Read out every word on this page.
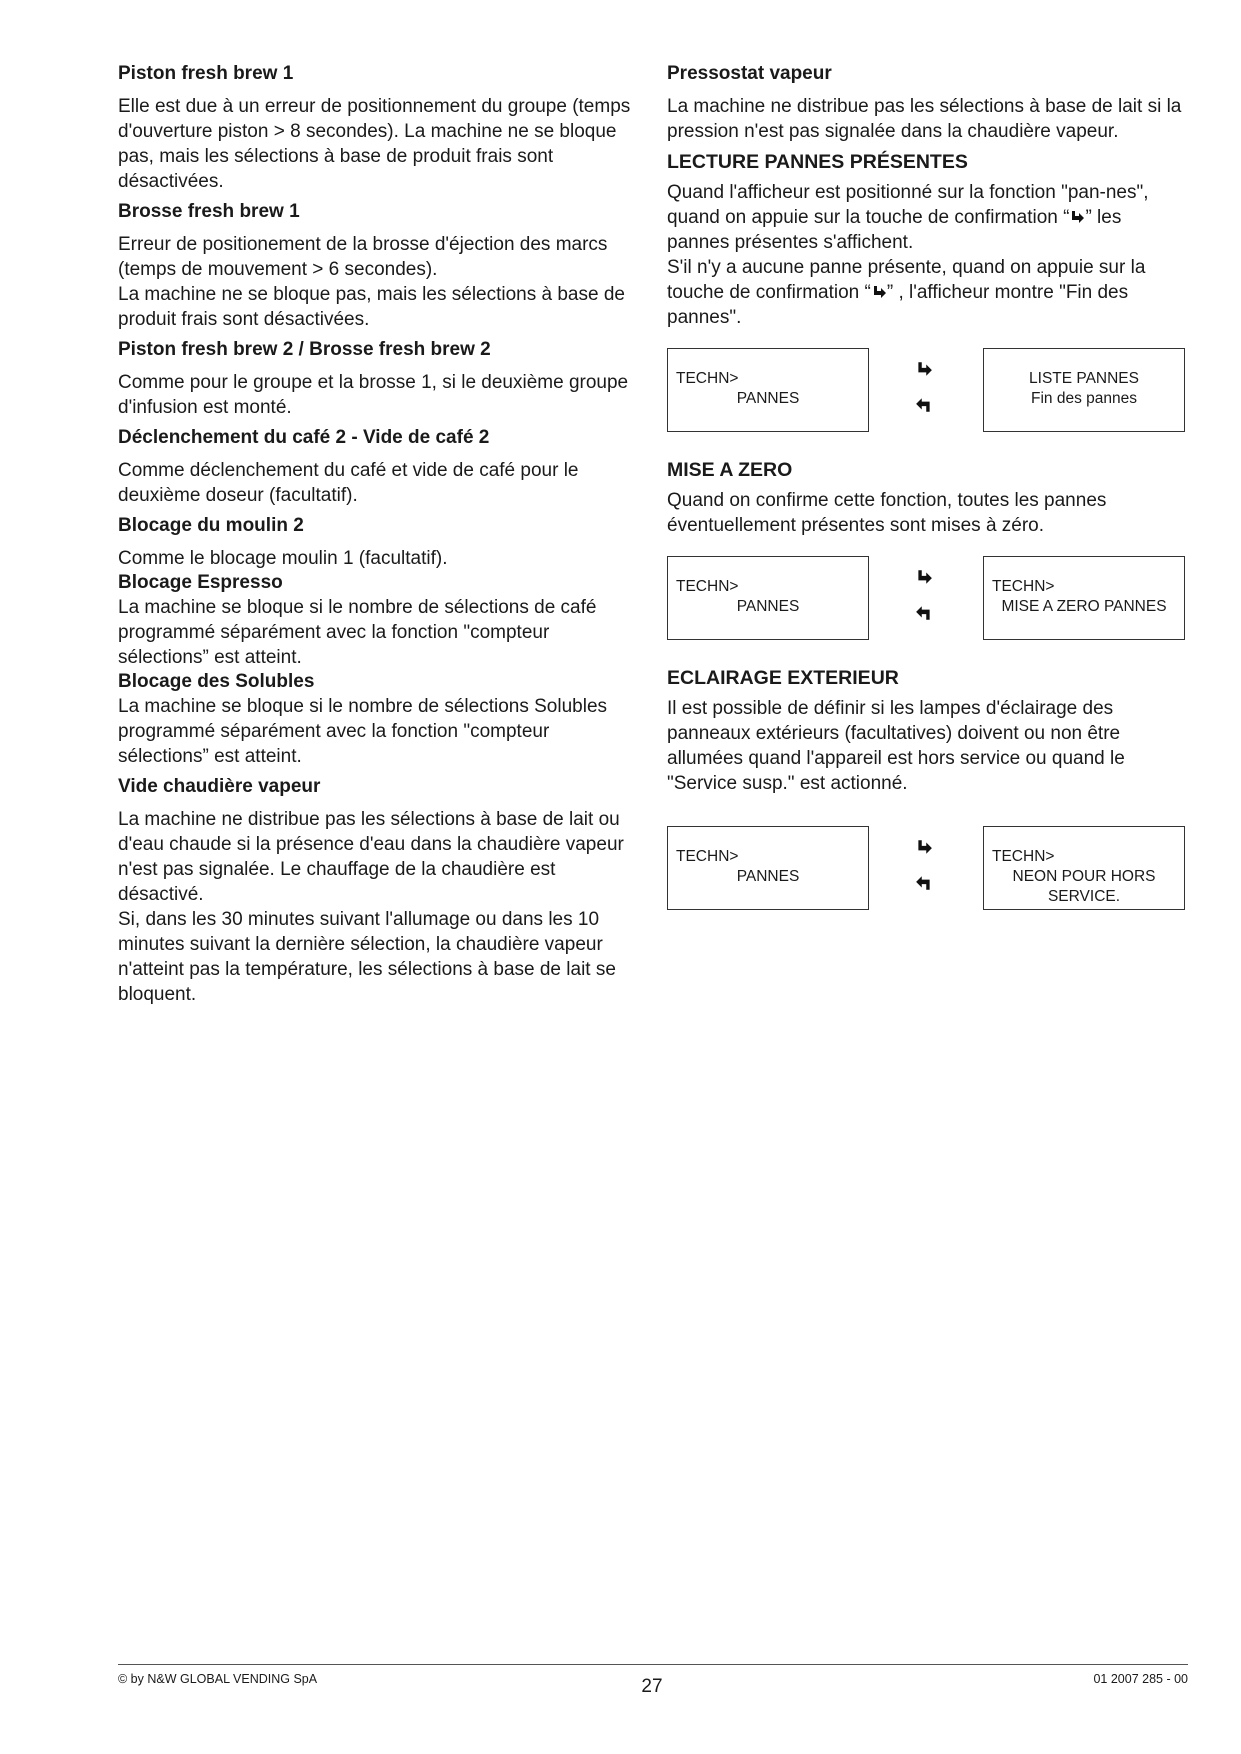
Piston fresh brew 1

Elle est due à un erreur de positionnement du groupe (temps d'ouverture piston > 8 secondes). La machine ne se bloque pas, mais les sélections à base de produit frais sont désactivées.

Brosse fresh brew 1

Erreur de positionement de la brosse d'éjection des marcs (temps de mouvement > 6 secondes).

La machine ne se bloque pas, mais les sélections à base de produit frais sont désactivées.

Piston fresh brew 2 / Brosse fresh brew 2

Comme pour le groupe et la brosse 1, si le deuxième groupe d'infusion est monté.

Déclenchement du café 2 - Vide de café 2

Comme déclenchement du café et vide de café pour le deuxième doseur (facultatif).

Blocage du moulin 2

Comme le blocage moulin 1 (facultatif).

Blocage Espresso

La machine se bloque si le nombre de sélections de café programmé séparément avec la fonction "compteur sélections” est atteint.

Blocage des Solubles

La machine se bloque si le nombre de sélections Solubles programmé séparément avec la fonction "compteur sélections” est atteint.

Vide chaudière vapeur

La machine ne distribue pas les sélections à base de lait ou d'eau chaude si la présence d'eau dans la chaudière vapeur n'est pas signalée. Le chauffage de la chaudière est désactivé.

Si, dans les 30 minutes suivant l'allumage ou dans les 10 minutes suivant la dernière sélection, la chaudière vapeur n'atteint pas la température, les sélections à base de lait se bloquent.

Pressostat vapeur

La machine ne distribue pas les sélections à base de lait si la pression n'est pas signalée dans la chaudière vapeur.

LECTURE PANNES PRÉSENTES

Quand l'afficheur est positionné sur la fonction "pan-nes", quand on appuie sur la touche de confirmation “ ” les pannes présentes s'affichent.

S'il n'y a aucune panne présente, quand on appuie sur la touche de confirmation “ ” , l'afficheur montre "Fin des pannes".

TECHN>
PANNES
LISTE PANNES
Fin des pannes
MISE A ZERO

Quand on confirme cette fonction, toutes les pannes éventuellement présentes sont mises à zéro.

TECHN>
PANNES
TECHN>
MISE A ZERO PANNES
ECLAIRAGE EXTERIEUR

Il est possible de définir si les lampes d'éclairage des panneaux extérieurs (facultatives) doivent ou non être allumées quand l'appareil est hors service ou quand le "Service susp." est actionné.

TECHN>
PANNES
TECHN>
NEON POUR HORS SERVICE.
© by N&W GLOBAL VENDING SpA	27	01 2007 285 - 00
